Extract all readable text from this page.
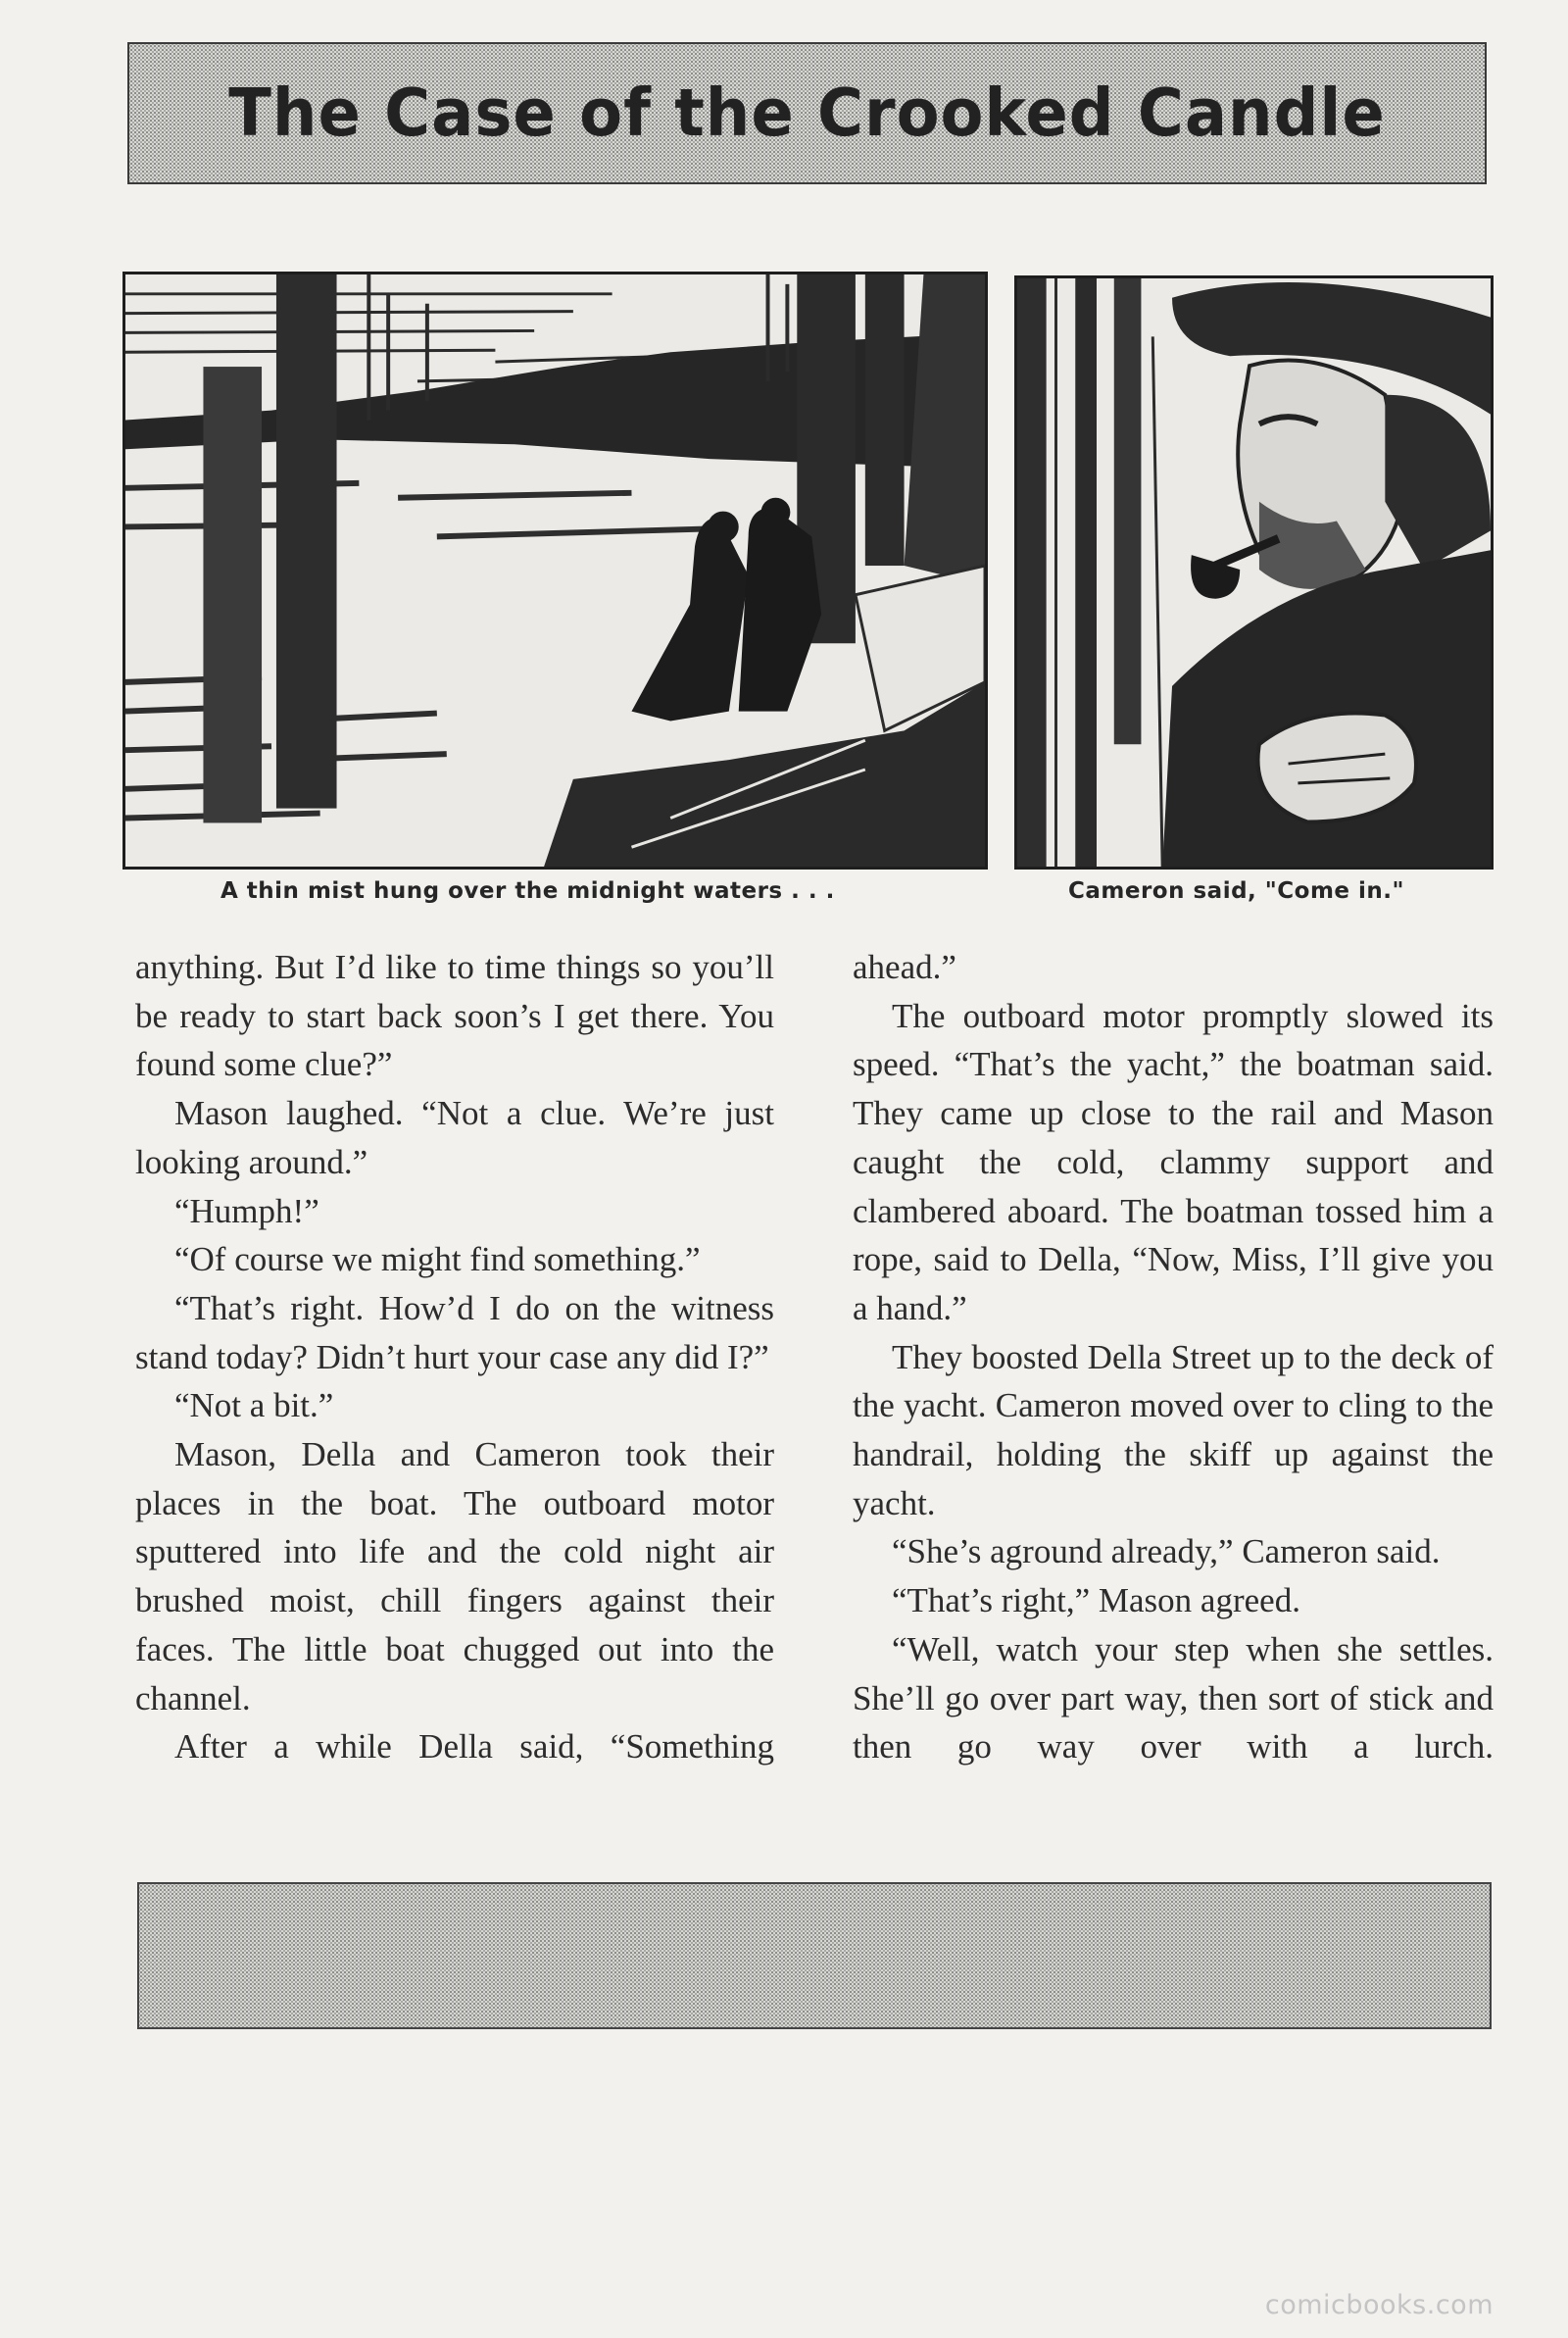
The Case of the Crooked Candle
A thin mist hung over the midnight waters . . .	Cameron said, "Come in."

anything. But I’d like to time things so you’ll be ready to start back soon’s I get there. You found some clue?”

Mason laughed. “Not a clue. We’re just looking around.”

“Humph!”

“Of course we might find something.”

“That’s right. How’d I do on the witness stand today? Didn’t hurt your case any did I?”

“Not a bit.”

Mason, Della and Cameron took their places in the boat. The outboard motor sputtered into life and the cold night air brushed moist, chill fingers against their faces. The little boat chugged out into the channel.

After a while Della said, “Something

ahead.”

The outboard motor promptly slowed its speed. “That’s the yacht,” the boatman said. They came up close to the rail and Mason caught the cold, clammy support and clambered aboard. The boatman tossed him a rope, said to Della, “Now, Miss, I’ll give you a hand.”

They boosted Della Street up to the deck of the yacht. Cameron moved over to cling to the handrail, holding the skiff up against the yacht.

“She’s aground already,” Cameron said.

“That’s right,” Mason agreed.

“Well, watch your step when she settles. She’ll go over part way, then sort of stick and then go way over with a lurch.

comicbooks.com
